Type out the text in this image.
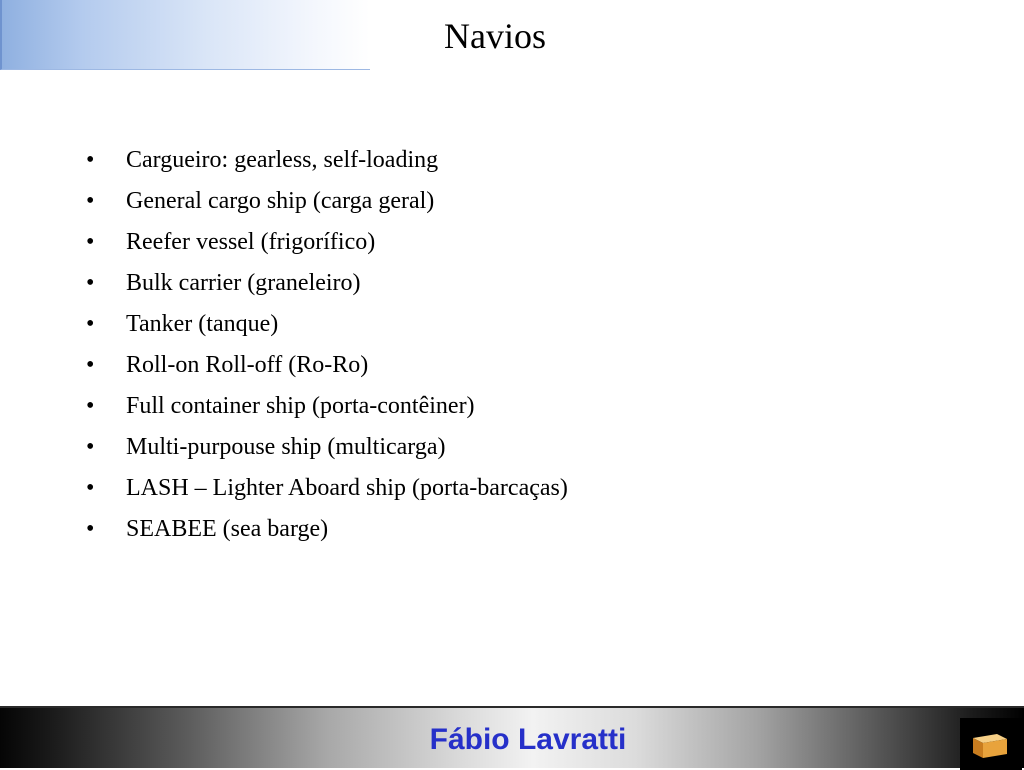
Navios
• Cargueiro: gearless, self-loading
• General cargo ship (carga geral)
• Reefer vessel (frigorífico)
• Bulk carrier (graneleiro)
• Tanker (tanque)
• Roll-on Roll-off (Ro-Ro)
• Full container ship (porta-contêiner)
• Multi-purpouse ship (multicarga)
• LASH – Lighter Aboard ship (porta-barcaças)
• SEABEE (sea barge)
Fábio Lavratti
